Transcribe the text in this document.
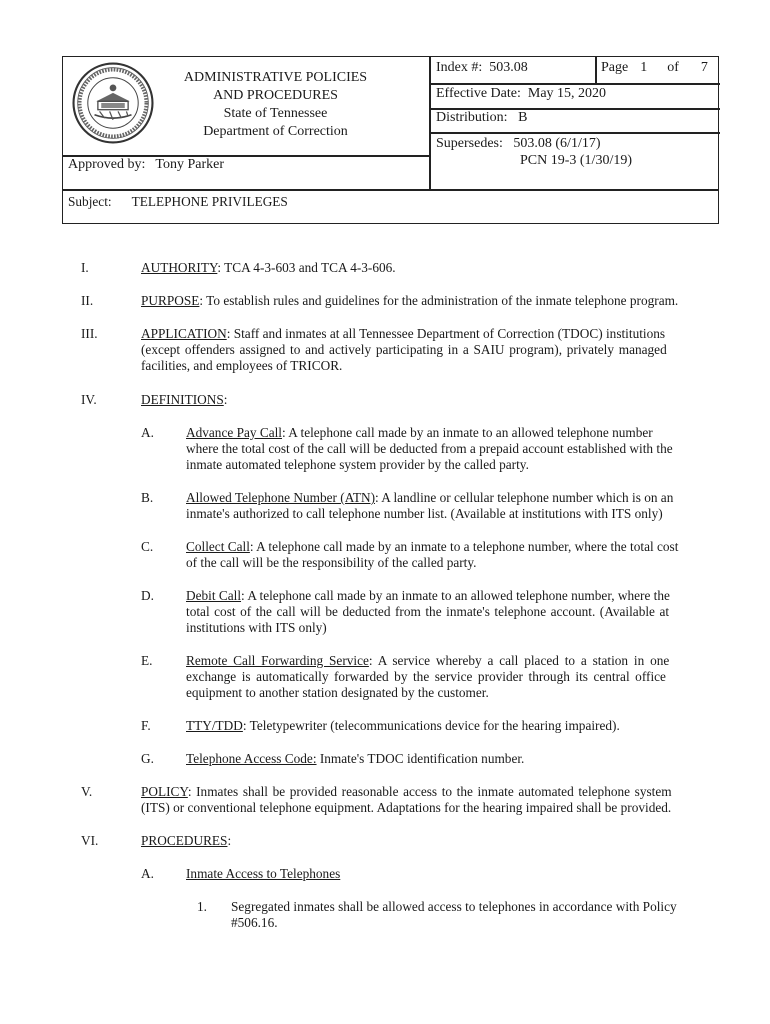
ADMINISTRATIVE POLICIES
AND PROCEDURES
State of Tennessee
Department of Correction
Approved by: Tony Parker
Subject: TELEPHONE PRIVILEGES
Index #: 503.08	Page 1 of 7
Effective Date: May 15, 2020
Distribution: B
Supersedes: 503.08 (6/1/17)
PCN 19-3 (1/30/19)
I.	AUTHORITY: TCA 4-3-603 and TCA 4-3-606.
II.	PURPOSE: To establish rules and guidelines for the administration of the inmate telephone program.
III.	APPLICATION: Staff and inmates at all Tennessee Department of Correction (TDOC) institutions
(except offenders assigned to and actively participating in a SAIU program), privately managed
facilities, and employees of TRICOR.
IV.	DEFINITIONS:
A. Advance Pay Call: A telephone call made by an inmate to an allowed telephone number
where the total cost of the call will be deducted from a prepaid account established with the
inmate automated telephone system provider by the called party.
B. Allowed Telephone Number (ATN): A landline or cellular telephone number which is on an
inmate's authorized to call telephone number list. (Available at institutions with ITS only)
C. Collect Call: A telephone call made by an inmate to a telephone number, where the total cost
of the call will be the responsibility of the called party.
D. Debit Call: A telephone call made by an inmate to an allowed telephone number, where the
total cost of the call will be deducted from the inmate's telephone account. (Available at
institutions with ITS only)
E.	Remote Call Forwarding Service: A service whereby a call placed to a station in one
exchange is automatically forwarded by the service provider through its central office
equipment to another station designated by the customer.
F.	TTY/TDD: Teletypewriter (telecommunications device for the hearing impaired).
G. Telephone Access Code: Inmate's TDOC identification number.
V.	POLICY: Inmates shall be provided reasonable access to the inmate automated telephone system
(ITS) or conventional telephone equipment. Adaptations for the hearing impaired shall be provided.
VI.	PROCEDURES:
A. Inmate Access to Telephones
1. Segregated inmates shall be allowed access to telephones in accordance with Policy
#506.16.
